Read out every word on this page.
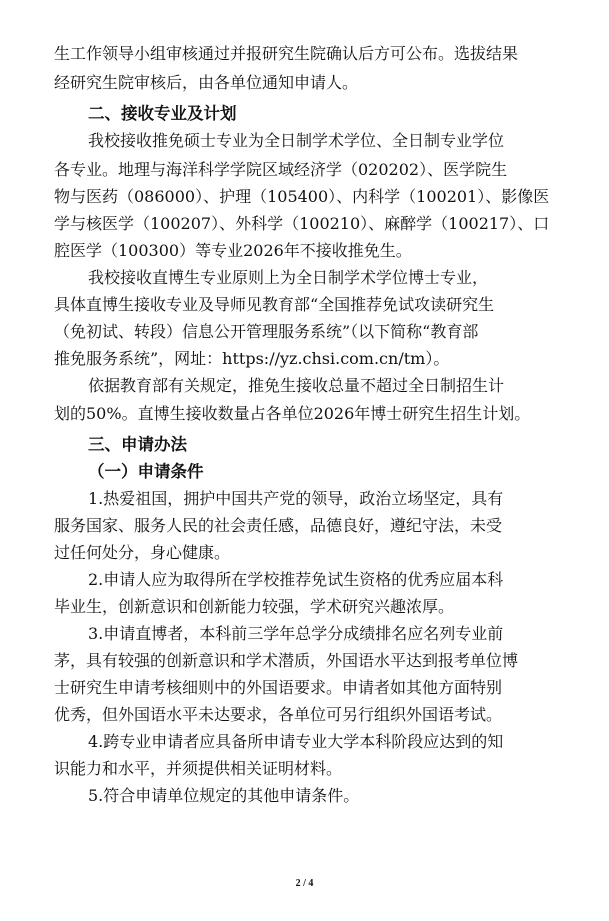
生工作领导小组审核通过并报研究生院确认后方可公布。选拔结果
经研究生院审核后，由各单位通知申请人。
二、接收专业及计划
我校接收推免硕士专业为全日制学术学位、全日制专业学位
各专业。地理与海洋科学学院区域经济学（020202）、医学院生
物与医药（086000）、护理（105400）、内科学（100201）、影像医
学与核医学（100207）、外科学（100210）、麻醉学（100217）、口
腔医学（100300）等专业2026年不接收推免生。
我校接收直博生专业原则上为全日制学术学位博士专业，
具体直博生接收专业及导师见教育部“全国推荐免试攻读研究生
（免初试、转段）信息公开管理服务系统”（以下简称“教育部
推免服务系统”，网址：https://yz.chsi.com.cn/tm）。
依据教育部有关规定，推免生接收总量不超过全日制招生计
划的50%。直博生接收数量占各单位2026年博士研究生招生计划。
三、申请办法
（一）申请条件
1.热爱祖国，拥护中国共产党的领导，政治立场坚定，具有
服务国家、服务人民的社会责任感，品德良好，遵纪守法，未受
过任何处分，身心健康。
2.申请人应为取得所在学校推荐免试生资格的优秀应届本科
毕业生，创新意识和创新能力较强，学术研究兴趣浓厚。
3.申请直博者，本科前三学年总学分成绩排名应名列专业前
茅，具有较强的创新意识和学术潜质，外国语水平达到报考单位博
士研究生申请考核细则中的外国语要求。申请者如其他方面特别
优秀，但外国语水平未达要求，各单位可另行组织外国语考试。
4.跨专业申请者应具备所申请专业大学本科阶段应达到的知
识能力和水平，并须提供相关证明材料。
5.符合申请单位规定的其他申请条件。
2 / 4
